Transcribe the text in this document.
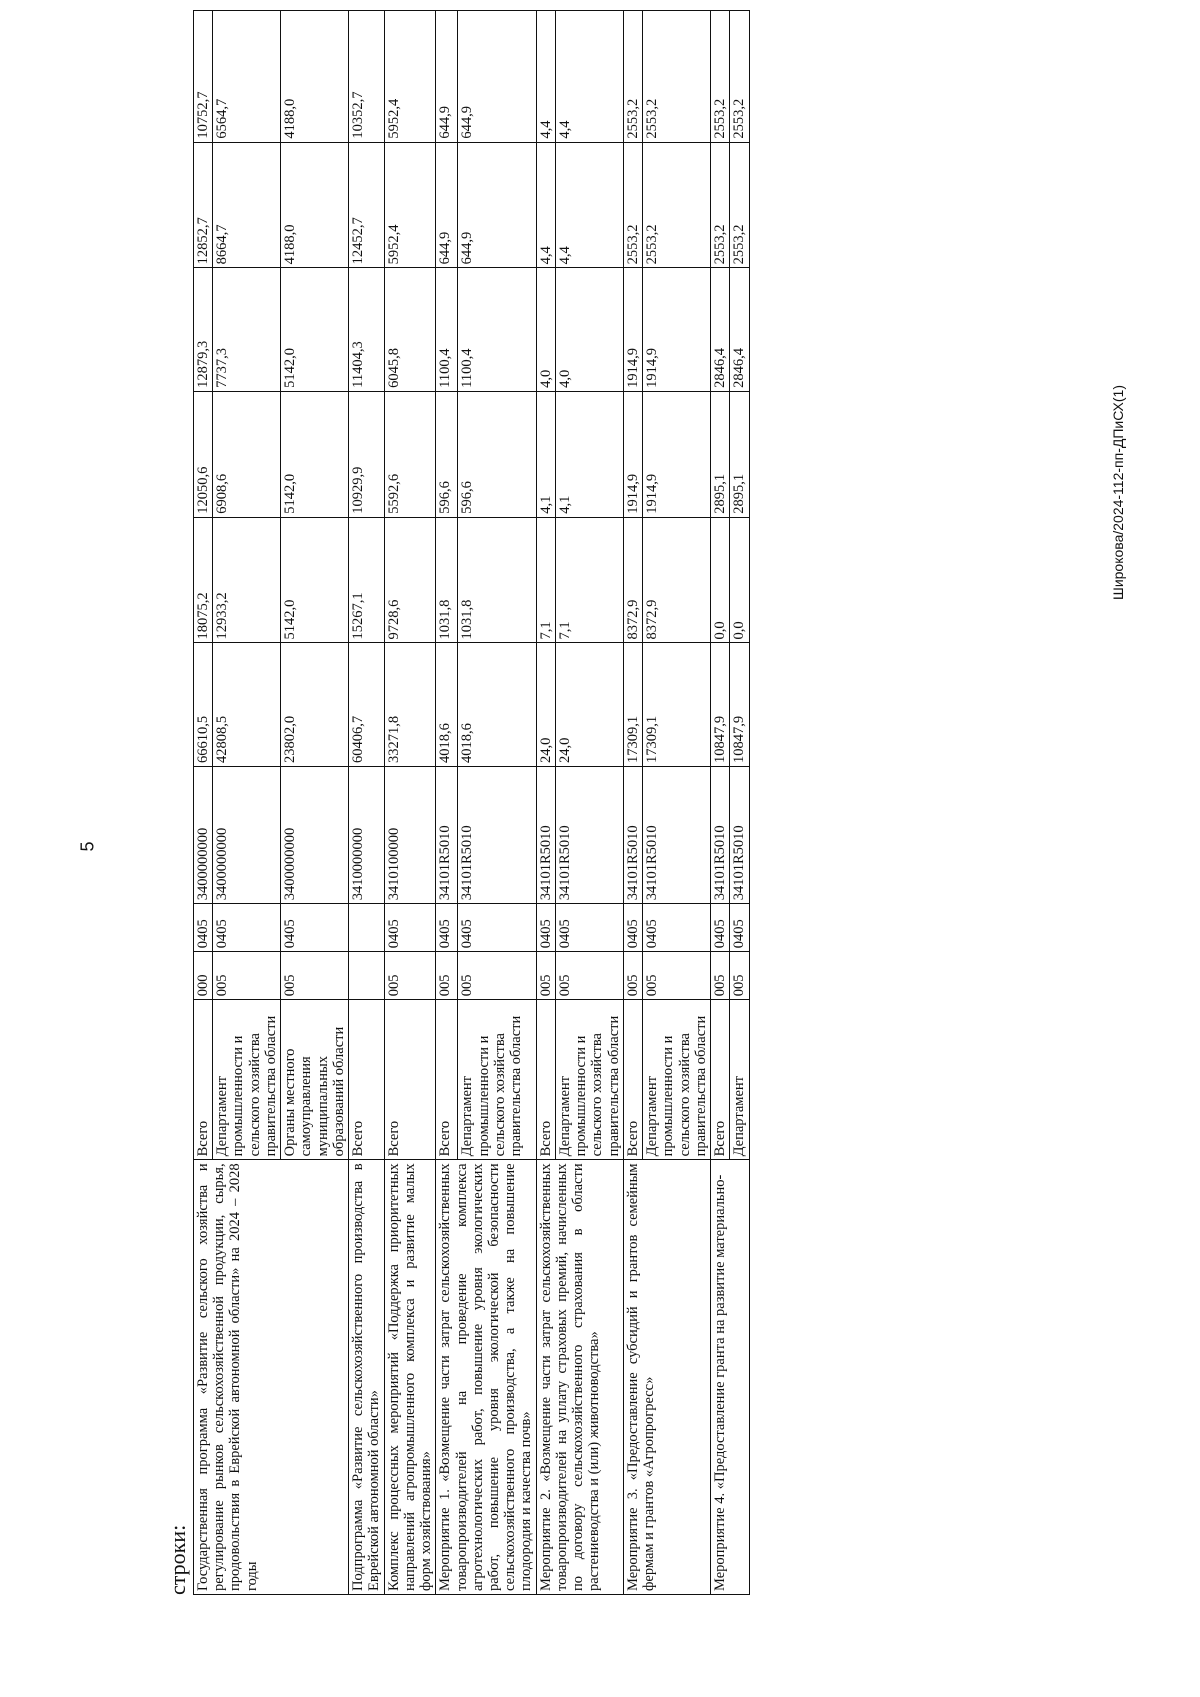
5
Широкова/2024-112-пп-ДПиСХ(1)
строки: Государственная программа «Развитие сельского хозяйства и регулирование рынков сельскохозяйственной продукции, сырья, продовольствия в Еврейской автономной области» на 2024 – 2028 годы	Всего	000	0405	3400000000	66610,5	18075,2	12050,6	12879,3	12852,7	10752,7
	Департамент промышленности и сельского хозяйства правительства области	005	0405	3400000000	42808,5	12933,2	6908,6	7737,3	8664,7	6564,7
	Органы местного самоуправления муниципальных образований области	005	0405	3400000000	23802,0	5142,0	5142,0	5142,0	4188,0	4188,0
Подпрограмма «Развитие сельскохозяйственного производства в Еврейской автономной области»	Всего			3410000000	60406,7	15267,1	10929,9	11404,3	12452,7	10352,7
Комплекс процессных мероприятий «Поддержка приоритетных направлений агропромышленного комплекса и развитие малых форм хозяйствования»	Всего	005	0405	3410100000	33271,8	9728,6	5592,6	6045,8	5952,4	5952,4
Мероприятие 1. «Возмещение части затрат сельскохозяйственных товаропроизводителей на проведение комплекса агротехнологических работ, повышение уровня экологических работ, повышение уровня экологической безопасности сельскохозяйственного производства, а также на повышение плодородия и качества почв»	Всего	005	0405	34101R5010	4018,6	1031,8	596,6	1100,4	644,9	644,9
	Департамент промышленности и сельского хозяйства правительства области	005	0405	34101R5010	4018,6	1031,8	596,6	1100,4	644,9	644,9
Мероприятие 2. «Возмещение части затрат сельскохозяйственных товаропроизводителей на уплату страховых премий, начисленных по договору сельскохозяйственного страхования в области растениеводства и (или) животноводства»	Всего	005	0405	34101R5010	24,0	7,1	4,1	4,0	4,4	4,4
	Департамент промышленности и сельского хозяйства правительства области	005	0405	34101R5010	24,0	7,1	4,1	4,0	4,4	4,4
Мероприятие 3. «Предоставление субсидий и грантов семейным фермам и грантов «Агропрогресс»	Всего	005	0405	34101R5010	17309,1	8372,9	1914,9	1914,9	2553,2	2553,2
	Департамент промышленности и сельского хозяйства правительства области	005	0405	34101R5010	17309,1	8372,9	1914,9	1914,9	2553,2	2553,2
Мероприятие 4. «Предоставление гранта на развитие материально-	Всего	005	0405	34101R5010	10847,9	0,0	2895,1	2846,4	2553,2	2553,2
	Департамент	005	0405	34101R5010	10847,9	0,0	2895,1	2846,4	2553,2	2553,2
